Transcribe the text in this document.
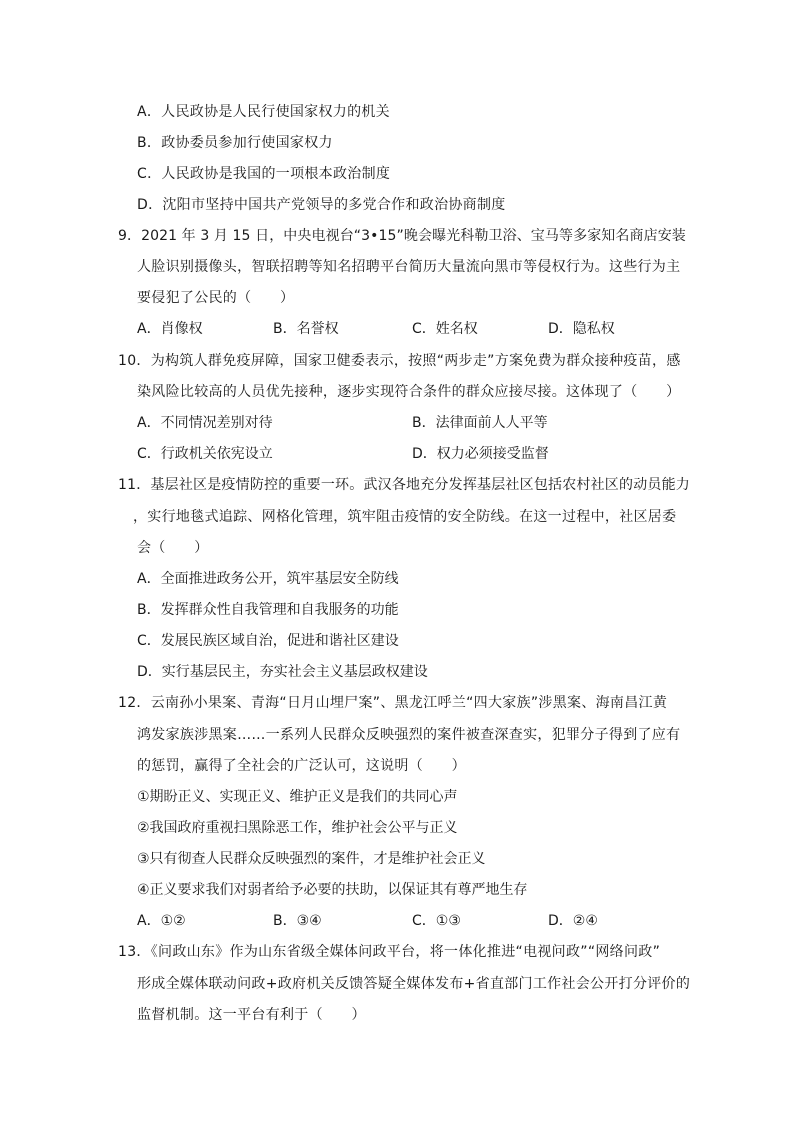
A．人民政协是人民行使国家权力的机关
B．政协委员参加行使国家权力
C．人民政协是我国的一项根本政治制度
D．沈阳市坚持中国共产党领导的多党合作和政治协商制度
9．2021 年 3 月 15 日，中央电视台“3•15”晚会曝光科勒卫浴、宝马等多家知名商店安装
人脸识别摄像头，智联招聘等知名招聘平台简历大量流向黑市等侵权行为。这些行为主
要侵犯了公民的（　　）
A．肖像权	B．名誉权	C．姓名权	D．隐私权
10．为构筑人群免疫屏障，国家卫健委表示，按照“两步走”方案免费为群众接种疫苗，感
染风险比较高的人员优先接种，逐步实现符合条件的群众应接尽接。这体现了（　　）
A．不同情况差别对待	B．法律面前人人平等
C．行政机关依宪设立	D．权力必须接受监督
11．基层社区是疫情防控的重要一环。武汉各地充分发挥基层社区包括农村社区的动员能力
，实行地毯式追踪、网格化管理，筑牢阻击疫情的安全防线。在这一过程中，社区居委
会（　　）
A．全面推进政务公开，筑牢基层安全防线
B．发挥群众性自我管理和自我服务的功能
C．发展民族区域自治，促进和谐社区建设
D．实行基层民主，夯实社会主义基层政权建设
12．云南孙小果案、青海“日月山埋尸案”、黑龙江呼兰“四大家族”涉黑案、海南昌江黄
鸿发家族涉黑案……一系列人民群众反映强烈的案件被查深查实，犯罪分子得到了应有
的惩罚，赢得了全社会的广泛认可，这说明（　　）
①期盼正义、实现正义、维护正义是我们的共同心声
②我国政府重视扫黑除恶工作，维护社会公平与正义
③只有彻查人民群众反映强烈的案件，才是维护社会正义
④正义要求我们对弱者给予必要的扶助，以保证其有尊严地生存
A．①②	B．③④	C．①③	D．②④
13．《问政山东》作为山东省级全媒体问政平台，将一体化推进“电视问政”“网络问政”
形成全媒体联动问政+政府机关反馈答疑全媒体发布+省直部门工作社会公开打分评价的
监督机制。这一平台有利于（　　）
